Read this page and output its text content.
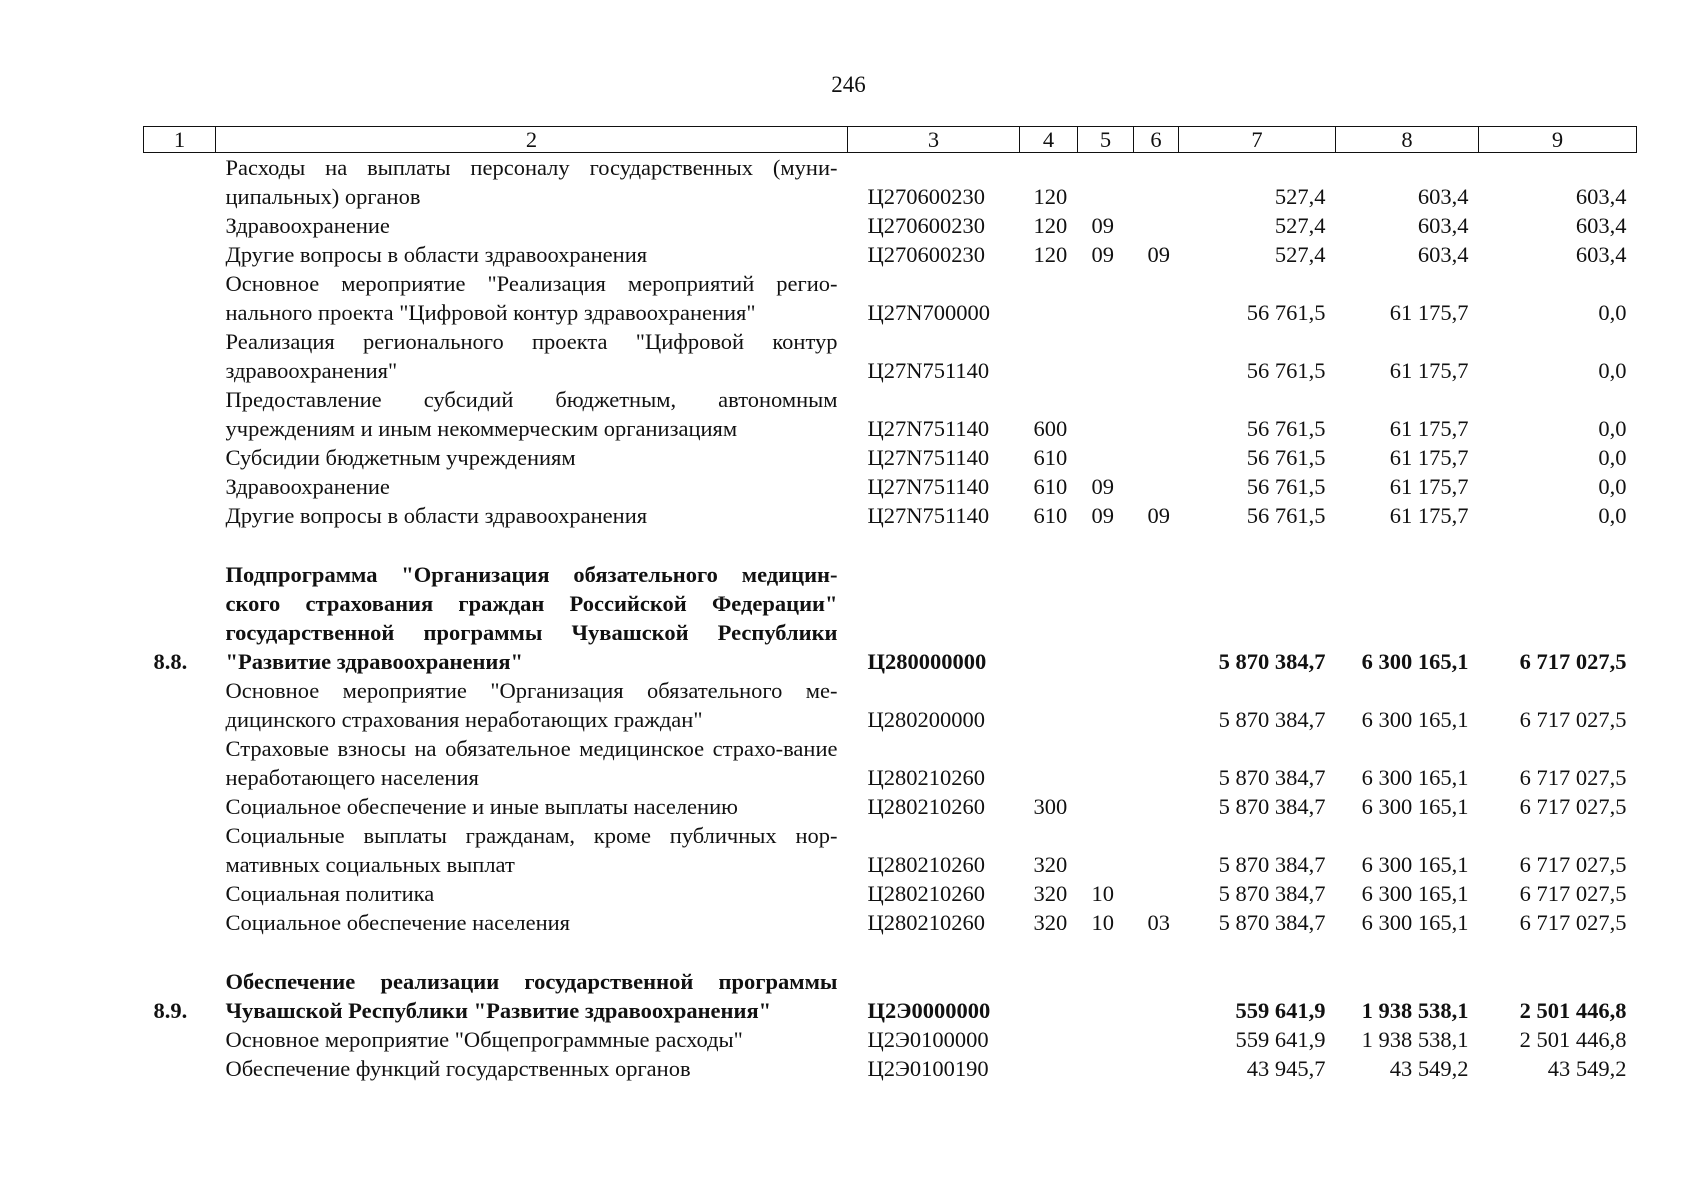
246
1	2	3	4	5	6	7	8	9
	Расходы на выплаты персоналу государственных (муни-ципальных) органов	Ц270600230	120			527,4	603,4	603,4
	Здравоохранение	Ц270600230	120	09		527,4	603,4	603,4
	Другие вопросы в области здравоохранения	Ц270600230	120	09	09	527,4	603,4	603,4
	Основное мероприятие "Реализация мероприятий регио-нального проекта "Цифровой контур здравоохранения"	Ц27N700000				56 761,5	61 175,7	0,0
	Реализация регионального проекта "Цифровой контур здравоохранения"	Ц27N751140				56 761,5	61 175,7	0,0
	Предоставление субсидий бюджетным, автономным учреждениям и иным некоммерческим организациям	Ц27N751140	600			56 761,5	61 175,7	0,0
	Субсидии бюджетным учреждениям	Ц27N751140	610			56 761,5	61 175,7	0,0
	Здравоохранение	Ц27N751140	610	09		56 761,5	61 175,7	0,0
	Другие вопросы в области здравоохранения	Ц27N751140	610	09	09	56 761,5	61 175,7	0,0

8.8.	Подпрограмма "Организация обязательного медицин-ского страхования граждан Российской Федерации" государственной программы Чувашской Республики "Развитие здравоохранения"	Ц280000000				5 870 384,7	6 300 165,1	6 717 027,5
	Основное мероприятие "Организация обязательного ме-дицинского страхования неработающих граждан"	Ц280200000				5 870 384,7	6 300 165,1	6 717 027,5
	Страховые взносы на обязательное медицинское страхо-вание неработающего населения	Ц280210260				5 870 384,7	6 300 165,1	6 717 027,5
	Социальное обеспечение и иные выплаты населению	Ц280210260	300			5 870 384,7	6 300 165,1	6 717 027,5
	Социальные выплаты гражданам, кроме публичных нор-мативных социальных выплат	Ц280210260	320			5 870 384,7	6 300 165,1	6 717 027,5
	Социальная политика	Ц280210260	320	10		5 870 384,7	6 300 165,1	6 717 027,5
	Социальное обеспечение населения	Ц280210260	320	10	03	5 870 384,7	6 300 165,1	6 717 027,5

8.9.	Обеспечение реализации государственной программы Чувашской Республики "Развитие здравоохранения"	Ц2Э0000000				559 641,9	1 938 538,1	2 501 446,8
	Основное мероприятие "Общепрограммные расходы"	Ц2Э0100000				559 641,9	1 938 538,1	2 501 446,8
	Обеспечение функций государственных органов	Ц2Э0100190				43 945,7	43 549,2	43 549,2
